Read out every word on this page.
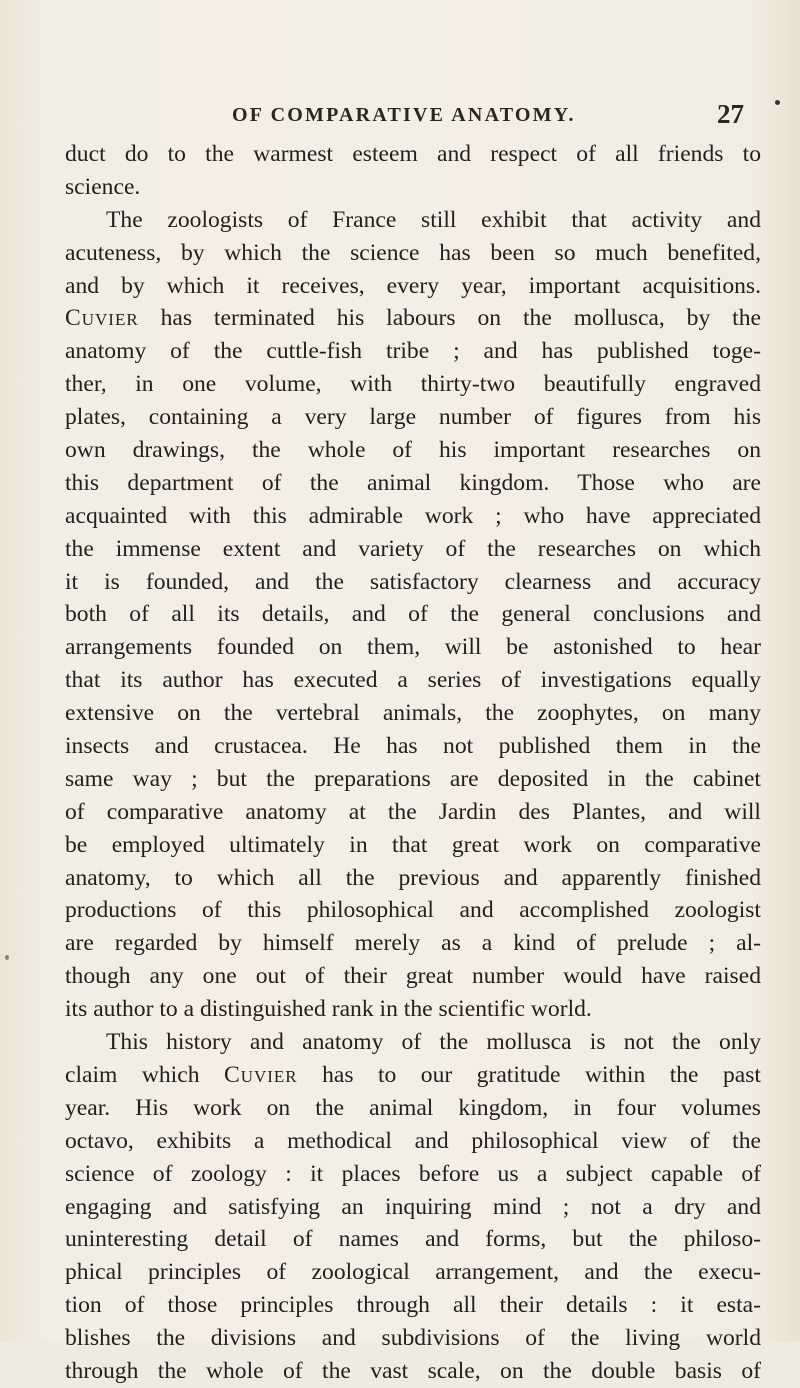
OF COMPARATIVE ANATOMY.	27
duct do to the warmest esteem and respect of all friends to
science.
The zoologists of France still exhibit that activity and
acuteness, by which the science has been so much benefited,
and by which it receives, every year, important acquisitions.
Cuvier has terminated his labours on the mollusca, by the
anatomy of the cuttle-fish tribe ; and has published toge-
ther, in one volume, with thirty-two beautifully engraved
plates, containing a very large number of figures from his
own drawings, the whole of his important researches on
this department of the animal kingdom. Those who are
acquainted with this admirable work ; who have appreciated
the immense extent and variety of the researches on which
it is founded, and the satisfactory clearness and accuracy
both of all its details, and of the general conclusions and
arrangements founded on them, will be astonished to hear
that its author has executed a series of investigations equally
extensive on the vertebral animals, the zoophytes, on many
insects and crustacea. He has not published them in the
same way ; but the preparations are deposited in the cabinet
of comparative anatomy at the Jardin des Plantes, and will
be employed ultimately in that great work on comparative
anatomy, to which all the previous and apparently finished
productions of this philosophical and accomplished zoologist
are regarded by himself merely as a kind of prelude ; al-
though any one out of their great number would have raised
its author to a distinguished rank in the scientific world.
This history and anatomy of the mollusca is not the only
claim which Cuvier has to our gratitude within the past
year. His work on the animal kingdom, in four volumes
octavo, exhibits a methodical and philosophical view of the
science of zoology : it places before us a subject capable of
engaging and satisfying an inquiring mind ; not a dry and
uninteresting detail of names and forms, but the philoso-
phical principles of zoological arrangement, and the execu-
tion of those principles through all their details : it esta-
blishes the divisions and subdivisions of the living world
through the whole of the vast scale, on the double basis of
